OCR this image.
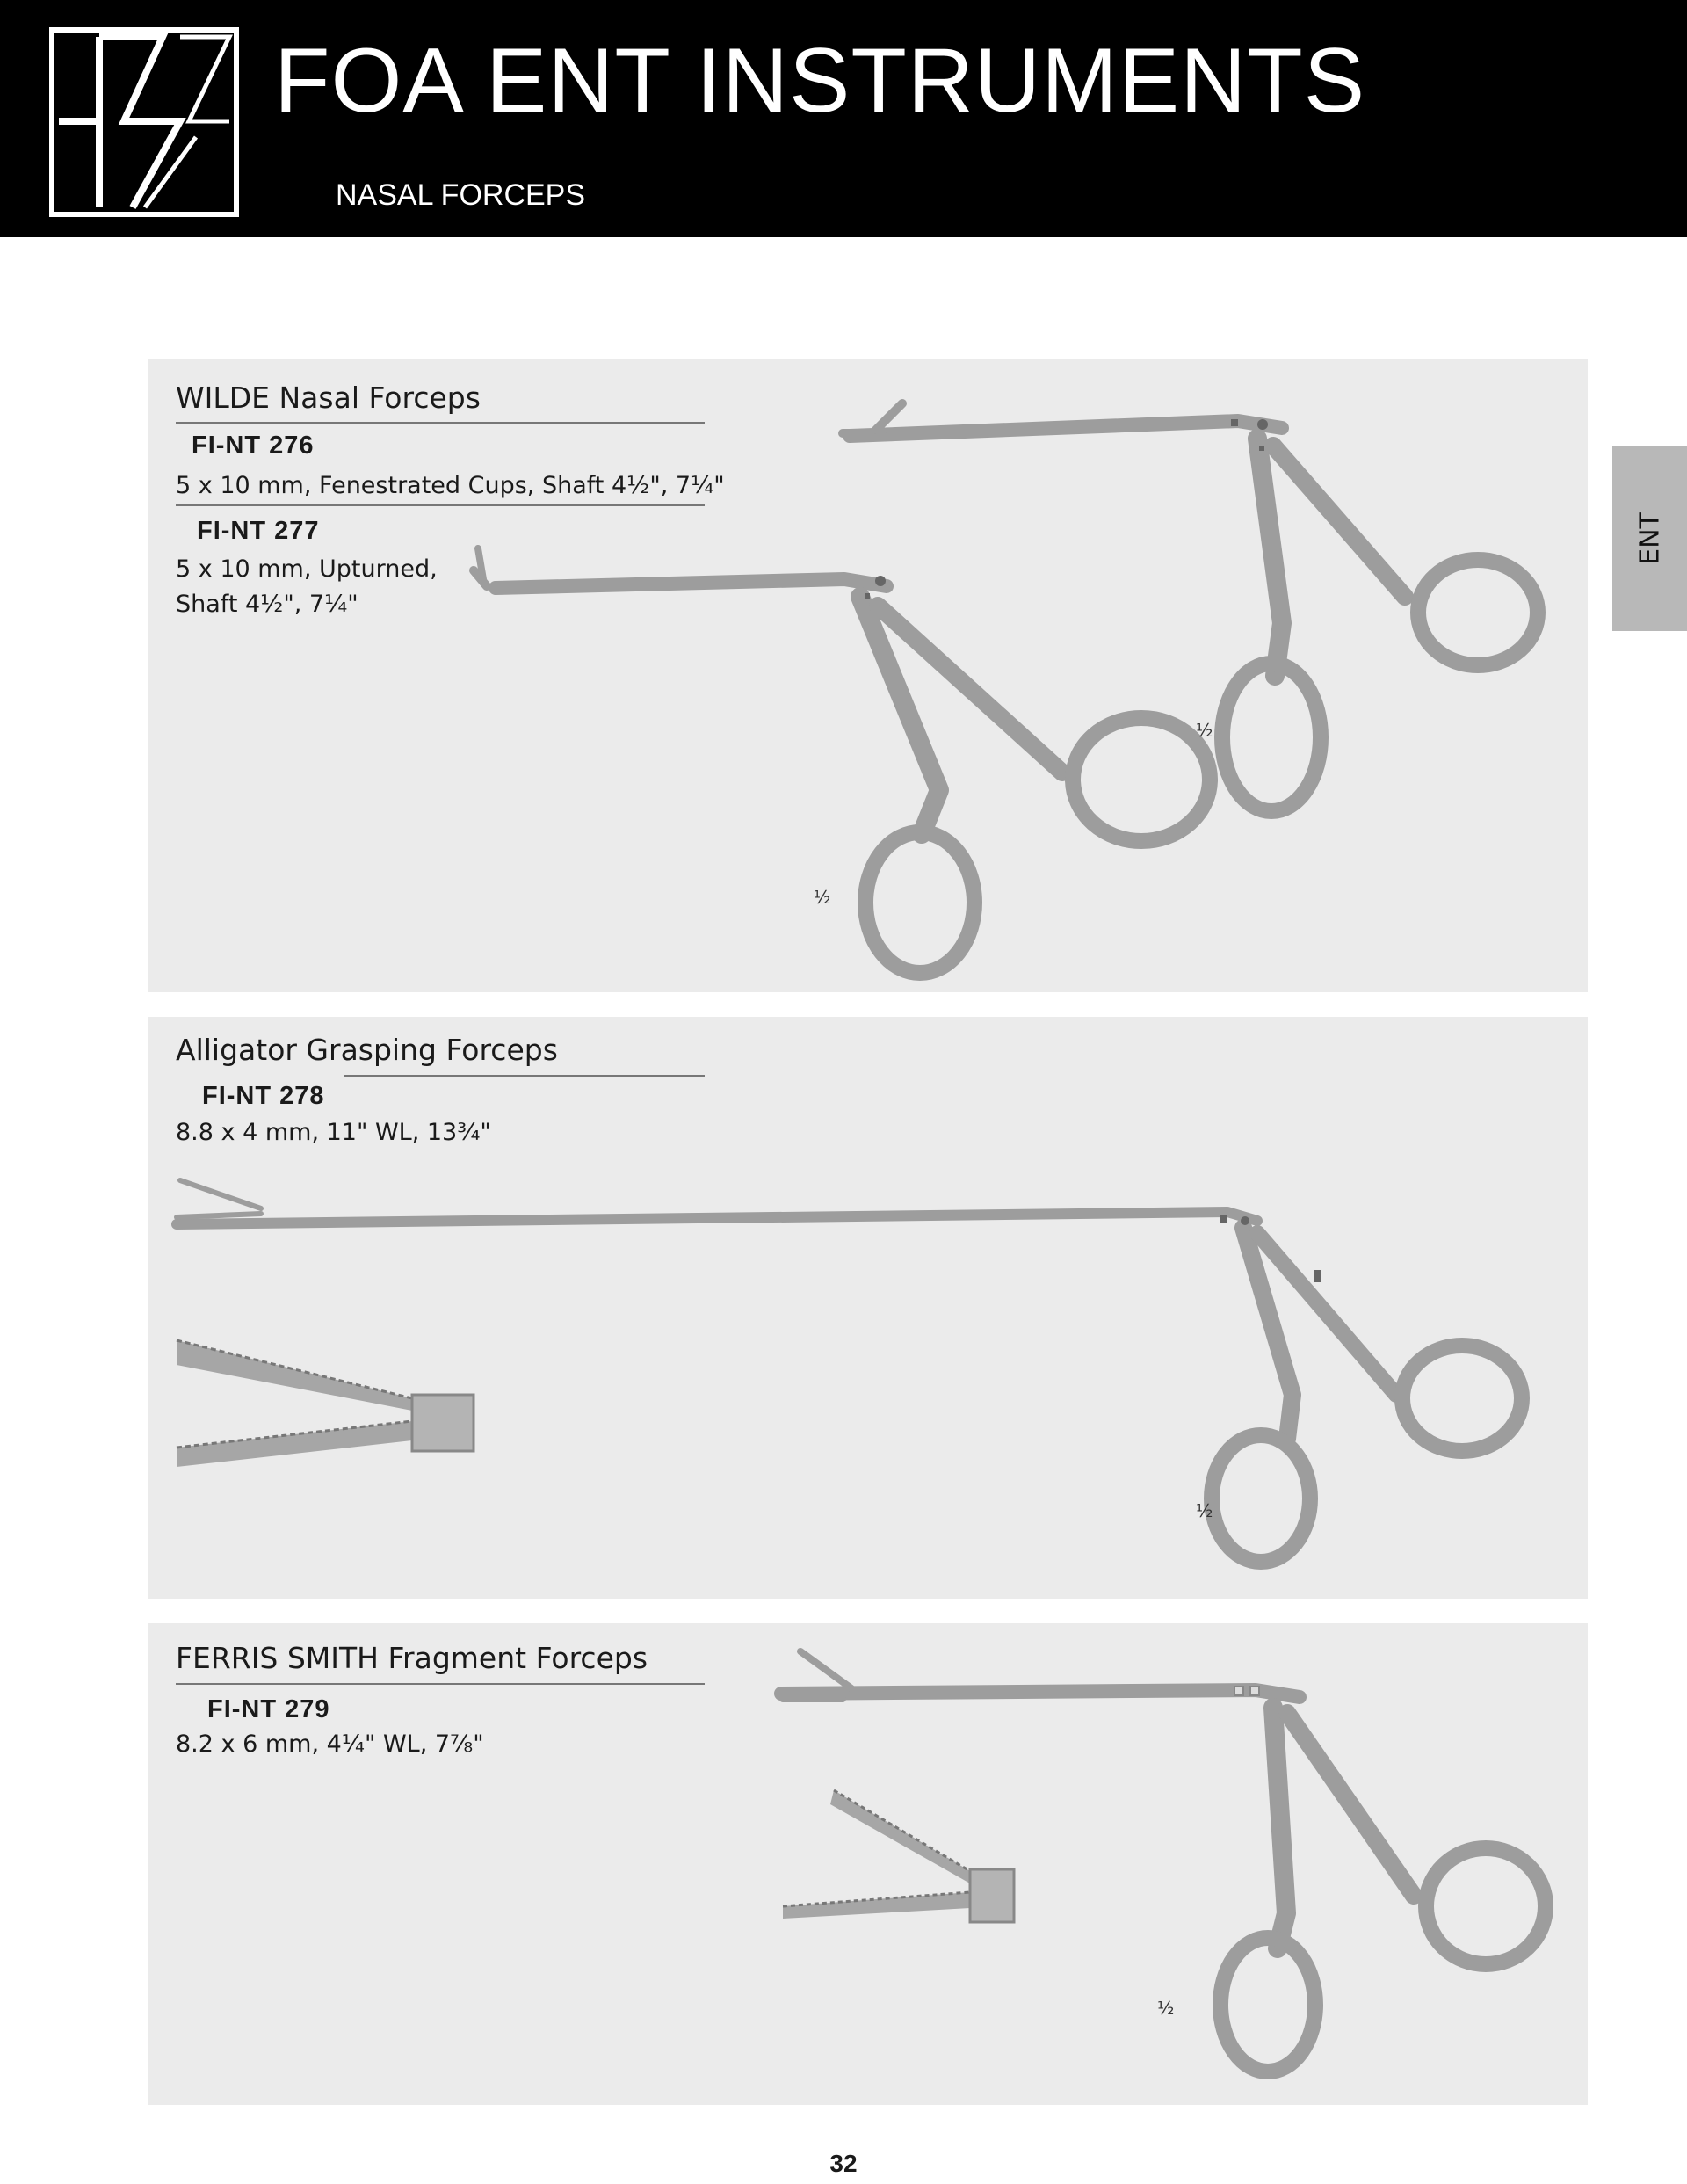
FOA ENT INSTRUMENTS
NASAL FORCEPS
ENT
WILDE Nasal Forceps
FI-NT 276
5 x 10 mm, Fenestrated Cups, Shaft 4½", 7¼"
FI-NT 277
5 x 10 mm, Upturned,
Shaft 4½", 7¼"
½
½
Alligator Grasping Forceps
FI-NT 278
8.8 x 4 mm, 11" WL, 13¾"
½
FERRIS SMITH Fragment Forceps
FI-NT 279
8.2 x 6 mm, 4¼" WL, 7⅞"
½
32
